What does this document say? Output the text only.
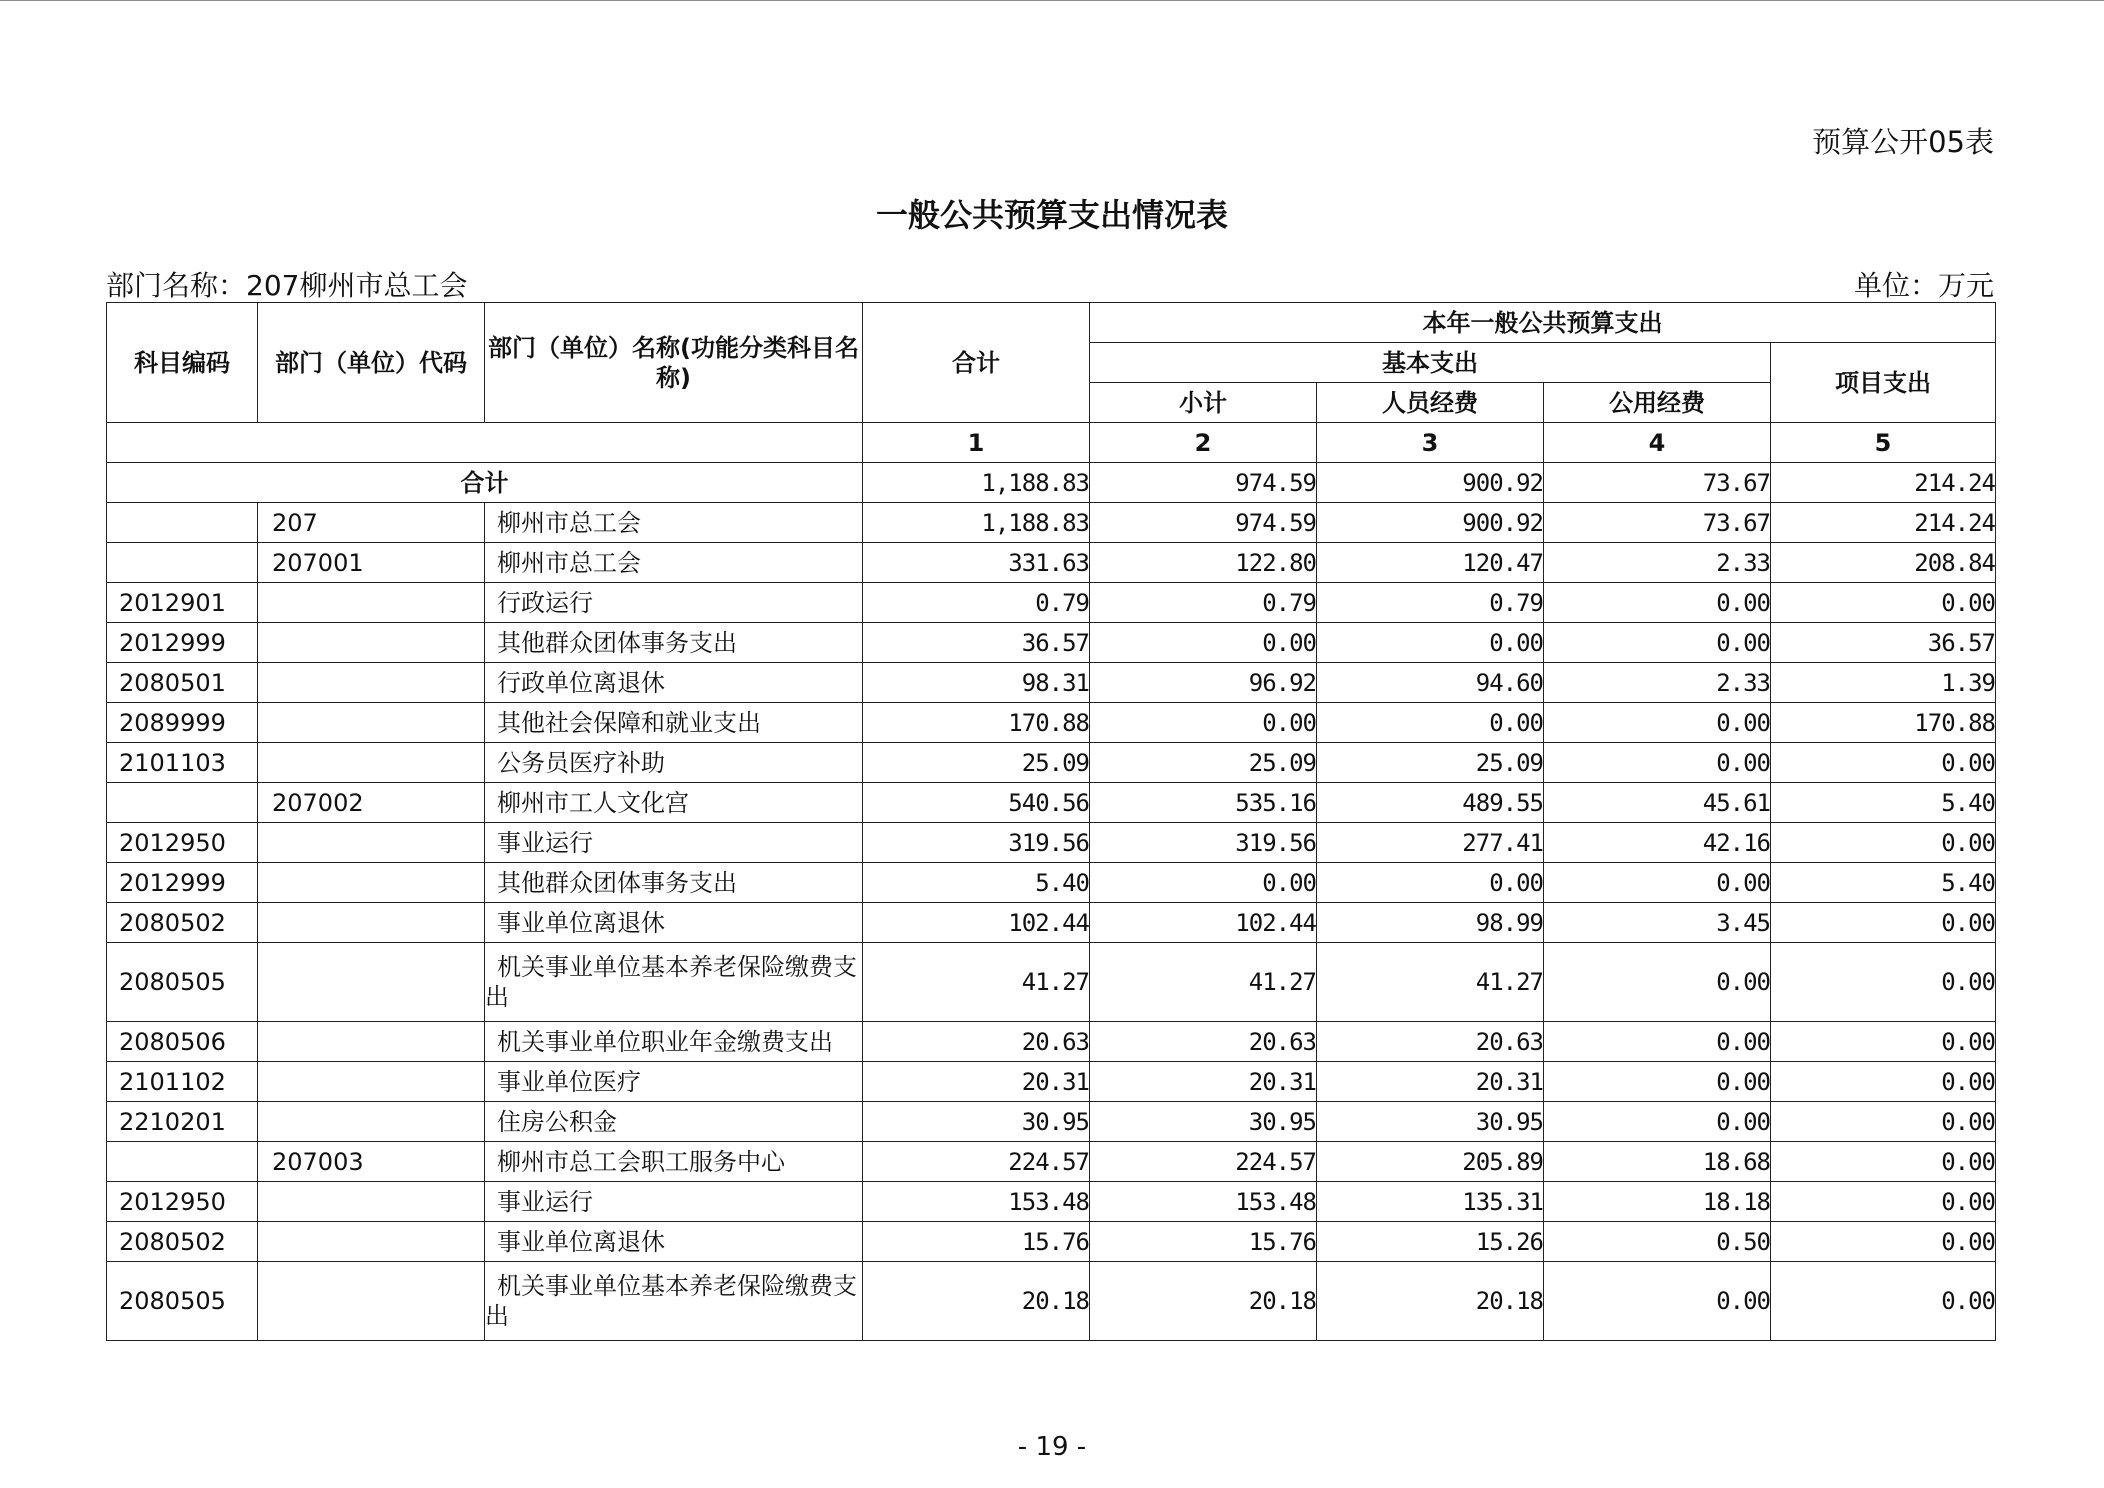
预算公开05表
一般公共预算支出情况表
部门名称：207柳州市总工会	单位：万元
科目编码	部门（单位）代码	部门（单位）名称(功能分类科目名称)	合计	本年一般公共预算支出			
				基本支出			项目支出
				小计	人员经费	公用经费	
			1	2	3	4	5
合计			1,188.83	974.59	900.92	73.67	214.24
	207	柳州市总工会	1,188.83	974.59	900.92	73.67	214.24
	207001	柳州市总工会	331.63	122.80	120.47	2.33	208.84
2012901		行政运行	0.79	0.79	0.79	0.00	0.00
2012999		其他群众团体事务支出	36.57	0.00	0.00	0.00	36.57
2080501		行政单位离退休	98.31	96.92	94.60	2.33	1.39
2089999		其他社会保障和就业支出	170.88	0.00	0.00	0.00	170.88
2101103		公务员医疗补助	25.09	25.09	25.09	0.00	0.00
	207002	柳州市工人文化宫	540.56	535.16	489.55	45.61	5.40
2012950		事业运行	319.56	319.56	277.41	42.16	0.00
2012999		其他群众团体事务支出	5.40	0.00	0.00	0.00	5.40
2080502		事业单位离退休	102.44	102.44	98.99	3.45	0.00
2080505		机关事业单位基本养老保险缴费支出	41.27	41.27	41.27	0.00	0.00
2080506		机关事业单位职业年金缴费支出	20.63	20.63	20.63	0.00	0.00
2101102		事业单位医疗	20.31	20.31	20.31	0.00	0.00
2210201		住房公积金	30.95	30.95	30.95	0.00	0.00
	207003	柳州市总工会职工服务中心	224.57	224.57	205.89	18.68	0.00
2012950		事业运行	153.48	153.48	135.31	18.18	0.00
2080502		事业单位离退休	15.76	15.76	15.26	0.50	0.00
2080505		机关事业单位基本养老保险缴费支出	20.18	20.18	20.18	0.00	0.00
- 19 -
